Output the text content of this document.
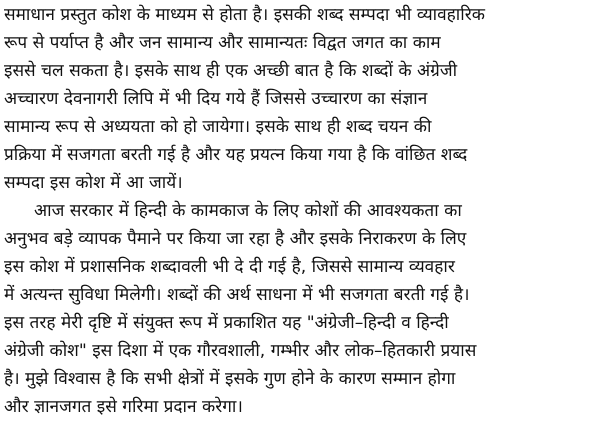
समाधान प्रस्तुत कोश के माध्यम से होता है। इसकी शब्द सम्पदा भी व्यावहारिक
रूप से पर्याप्त है और जन सामान्य और सामान्यतः विद्वत जगत का काम
इससे चल सकता है। इसके साथ ही एक अच्छी बात है कि शब्दों के अंग्रेजी
अच्चारण देवनागरी लिपि में भी दिय गये हैं जिससे उच्चारण का संज्ञान
सामान्य रूप से अध्ययता को हो जायेगा। इसके साथ ही शब्द चयन की
प्रक्रिया में सजगता बरती गई है और यह प्रयत्न किया गया है कि वांछित शब्द
सम्पदा इस कोश में आ जायें।
आज सरकार में हिन्दी के कामकाज के लिए कोशों की आवश्यकता का
अनुभव बड़े व्यापक पैमाने पर किया जा रहा है और इसके निराकरण के लिए
इस कोश में प्रशासनिक शब्दावली भी दे दी गई है, जिससे सामान्य व्यवहार
में अत्यन्त सुविधा मिलेगी। शब्दों की अर्थ साधना में भी सजगता बरती गई है।
इस तरह मेरी दृष्टि में संयुक्त रूप में प्रकाशित यह "अंग्रेजी–हिन्दी व हिन्दी
अंग्रेजी कोश" इस दिशा में एक गौरवशाली, गम्भीर और लोक–हितकारी प्रयास
है। मुझे विश्वास है कि सभी क्षेत्रों में इसके गुण होने के कारण सम्मान होगा
और ज्ञानजगत इसे गरिमा प्रदान करेगा।
